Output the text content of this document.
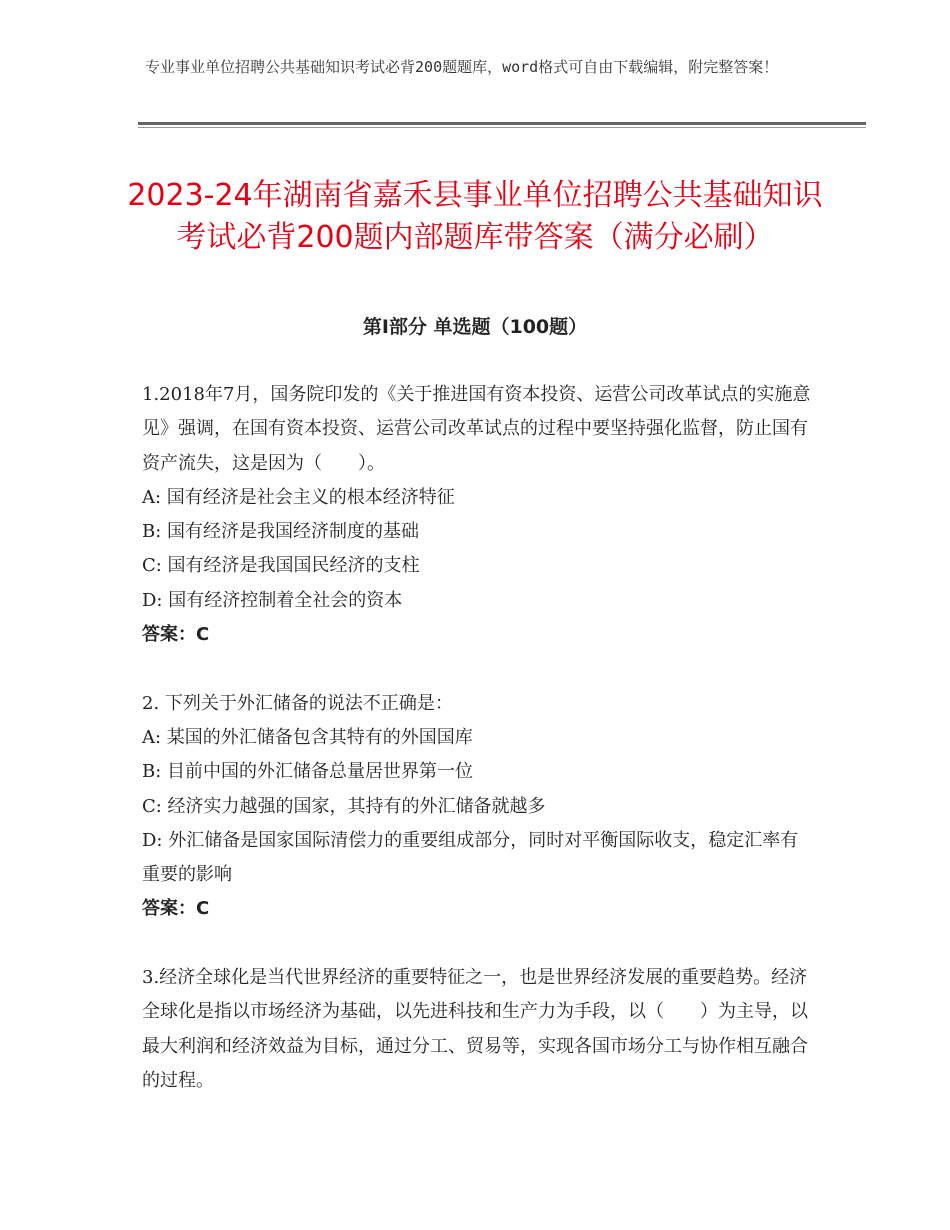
专业事业单位招聘公共基础知识考试必背200题题库，word格式可自由下载编辑，附完整答案！
2023-24年湖南省嘉禾县事业单位招聘公共基础知识考试必背200题内部题库带答案（满分必刷）
第Ⅰ部分 单选题（100题）

1.2018年7月，国务院印发的《关于推进国有资本投资、运营公司改革试点的实施意见》强调，在国有资本投资、运营公司改革试点的过程中要坚持强化监督，防止国有资产流失，这是因为（　　）。

A: 国有经济是社会主义的根本经济特征

B: 国有经济是我国经济制度的基础

C: 国有经济是我国国民经济的支柱

D: 国有经济控制着全社会的资本

答案：C

2. 下列关于外汇储备的说法不正确是：

A: 某国的外汇储备包含其特有的外国国库

B: 目前中国的外汇储备总量居世界第一位

C: 经济实力越强的国家，其持有的外汇储备就越多

D: 外汇储备是国家国际清偿力的重要组成部分，同时对平衡国际收支，稳定汇率有重要的影响

答案：C

3.经济全球化是当代世界经济的重要特征之一，也是世界经济发展的重要趋势。经济全球化是指以市场经济为基础，以先进科技和生产力为手段，以（　　）为主导，以最大利润和经济效益为目标，通过分工、贸易等，实现各国市场分工与协作相互融合的过程。
